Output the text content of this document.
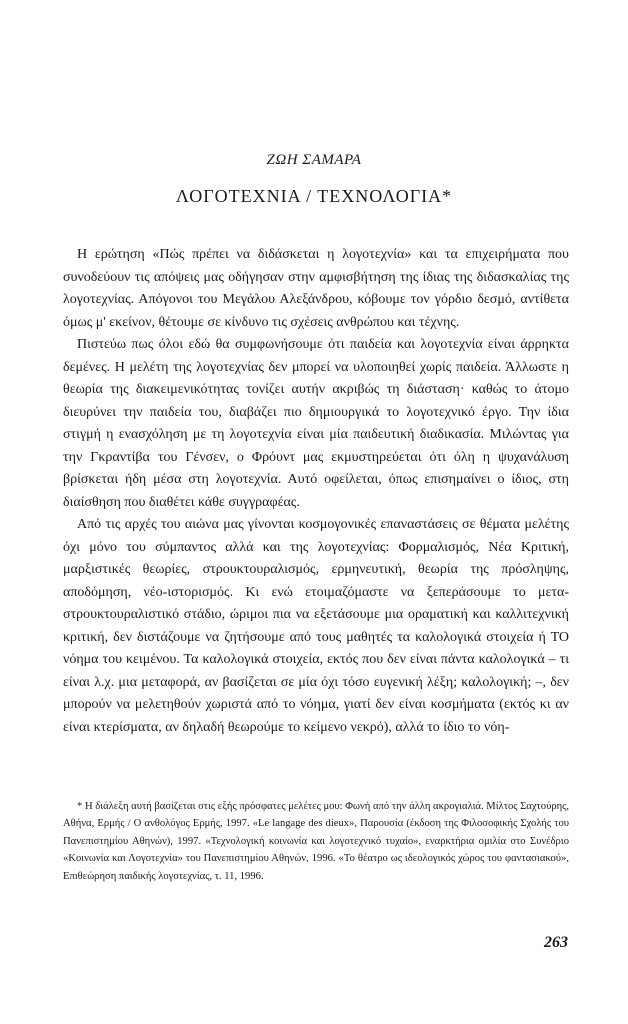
ΖΩΗ ΣΑΜΑΡΑ
ΛΟΓΟΤΕΧΝΙΑ / ΤΕΧΝΟΛΟΓΙΑ*

Η ερώτηση «Πώς πρέπει να διδάσκεται η λογοτεχνία» και τα επιχειρήματα που συνοδεύουν τις απόψεις μας οδήγησαν στην αμφισβήτηση της ίδιας της διδασκαλίας της λογοτεχνίας. Απόγονοι του Μεγάλου Αλεξάνδρου, κόβουμε τον γόρδιο δεσμό, αντίθετα όμως μ' εκείνον, θέτουμε σε κίνδυνο τις σχέσεις ανθρώπου και τέχνης.

Πιστεύω πως όλοι εδώ θα συμφωνήσουμε ότι παιδεία και λογοτεχνία είναι άρρηκτα δεμένες. Η μελέτη της λογοτεχνίας δεν μπορεί να υλοποιηθεί χωρίς παιδεία. Άλλωστε η θεωρία της διακειμενικότητας τονίζει αυτήν ακριβώς τη διάσταση· καθώς το άτομο διευρύνει την παιδεία του, διαβάζει πιο δημιουργικά το λογοτεχνικό έργο. Την ίδια στιγμή η ενασχόληση με τη λογοτεχνία είναι μία παιδευτική διαδικασία. Μιλώντας για την Γκραντίβα του Γένσεν, ο Φρόυντ μας εκμυστηρεύεται ότι όλη η ψυχανάλυση βρίσκεται ήδη μέσα στη λογοτεχνία. Αυτό οφείλεται, όπως επισημαίνει ο ίδιος, στη διαίσθηση που διαθέτει κάθε συγγραφέας.

Από τις αρχές του αιώνα μας γίνονται κοσμογονικές επαναστάσεις σε θέματα μελέτης όχι μόνο του σύμπαντος αλλά και της λογοτεχνίας: Φορμαλισμός, Νέα Κριτική, μαρξιστικές θεωρίες, στρουκτουραλισμός, ερμηνευτική, θεωρία της πρόσληψης, αποδόμηση, νέο-ιστορισμός. Κι ενώ ετοιμαζόμαστε να ξεπεράσουμε το μετα-στρουκτουραλιστικό στάδιο, ώριμοι πια να εξετάσουμε μια οραματική και καλλιτεχνική κριτική, δεν διστάζουμε να ζητήσουμε από τους μαθητές τα καλολογικά στοιχεία ή ΤΟ νόημα του κειμένου. Τα καλολογικά στοιχεία, εκτός που δεν είναι πάντα καλολογικά – τι είναι λ.χ. μια μεταφορά, αν βασίζεται σε μία όχι τόσο ευγενική λέξη; καλολογική; –, δεν μπορούν να μελετηθούν χωριστά από το νόημα, γιατί δεν είναι κοσμήματα (εκτός κι αν είναι κτερίσματα, αν δηλαδή θεωρούμε το κείμενο νεκρό), αλλά το ίδιο το νόη-

* Η διάλεξη αυτή βασίζεται στις εξής πρόσφατες μελέτες μου: Φωνή από την άλλη ακρογιαλιά. Μίλτος Σαχτούρης, Αθήνα, Ερμής / Ο ανθολόγος Ερμής, 1997. «Le langage des dieux», Παρουσία (έκδοση της Φιλοσοφικής Σχολής του Πανεπιστημίου Αθηνών), 1997. «Τεχνολογική κοινωνία και λογοτεχνικό τυχαίο», εναρκτήρια ομιλία στο Συνέδριο «Κοινωνία και Λογοτεχνία» του Πανεπιστημίου Αθηνών, 1996. «Το θέατρο ως ιδεολογικός χώρος του φαντασιακού», Επιθεώρηση παιδικής λογοτεχνίας, τ. 11, 1996.

263
